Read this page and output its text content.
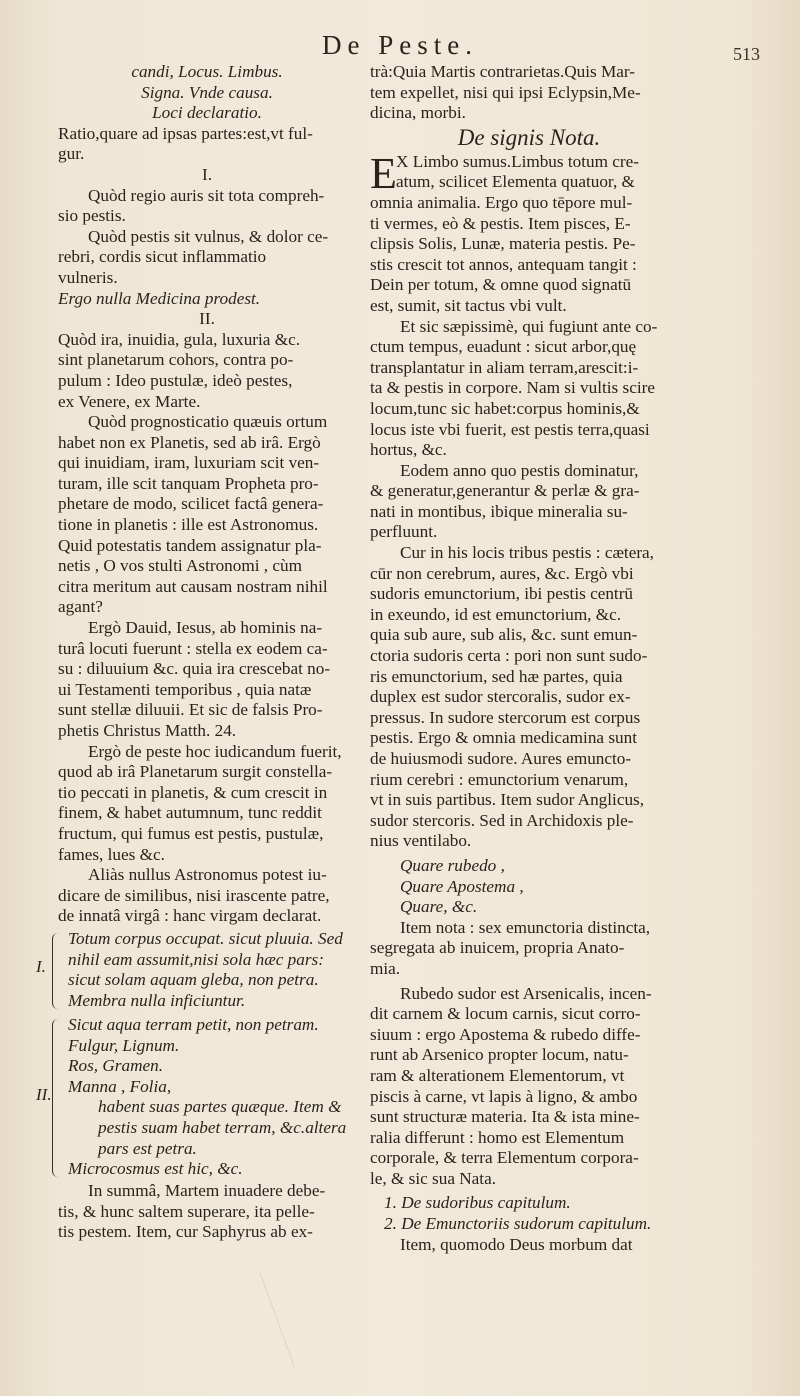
De Peste.	513
candi, Locus. Limbus.
Signa. Vnde causa.
Loci declaratio.
Ratio,quare ad ipsas partes:est,vt ful-
gur.
I.
Quòd regio auris sit tota compreh-
sio pestis.
Quòd pestis sit vulnus, & dolor ce-
rebri, cordis sicut inflammatio
vulneris.
Ergo nulla Medicina prodest.
II.
Quòd ira, inuidia, gula, luxuria &c.
sint planetarum cohors, contra po-
pulum : Ideo pustulæ, ideò pestes,
ex Venere, ex Marte.
Quòd prognosticatio quæuis ortum
habet non ex Planetis, sed ab irâ. Ergò
qui inuidiam, iram, luxuriam scit ven-
turam, ille scit tanquam Propheta pro-
phetare de modo, scilicet factâ genera-
tione in planetis : ille est Astronomus.
Quid potestatis tandem assignatur pla-
netis , O vos stulti Astronomi , cùm
citra meritum aut causam nostram nihil
agant?
Ergò Dauid, Iesus, ab hominis na-
turâ locuti fuerunt : stella ex eodem ca-
su : diluuium &c. quia ira crescebat no-
ui Testamenti temporibus , quia natæ
sunt stellæ diluuii. Et sic de falsis Pro-
phetis Christus Matth. 24.
Ergò de peste hoc iudicandum fuerit,
quod ab irâ Planetarum surgit constella-
tio peccati in planetis, & cum crescit in
finem, & habet autumnum, tunc reddit
fructum, qui fumus est pestis, pustulæ,
fames, lues &c.
Aliàs nullus Astronomus potest iu-
dicare de similibus, nisi irascente patre,
de innatâ virgâ : hanc virgam declarat.
I.
Totum corpus occupat. sicut pluuia. Sed
nihil eam assumit,nisi sola hæc pars:
sicut solam aquam gleba, non petra.
Membra nulla inficiuntur.
II.
Sicut aqua terram petit, non petram.
Fulgur, Lignum.
Ros, Gramen.
Manna , Folia,
habent suas partes quæque. Item &
pestis suam habet terram, &c.altera
pars est petra.
Microcosmus est hic, &c.
In summâ, Martem inuadere debe-
tis, & hunc saltem superare, ita pelle-
tis pestem. Item, cur Saphyrus ab ex-
trà:Quia Martis contrarietas.Quis Mar-
tem expellet, nisi qui ipsi Eclypsin,Me-
dicina, morbi.
De signis Nota.
E X Limbo sumus.Limbus totum cre-
atum, scilicet Elementa quatuor, &
omnia animalia. Ergo quo tēpore mul-
ti vermes, eò & pestis. Item pisces, E-
clipsis Solis, Lunæ, materia pestis. Pe-
stis crescit tot annos, antequam tangit :
Dein per totum, & omne quod signatū
est, sumit, sit tactus vbi vult.
Et sic sæpissimè, qui fugiunt ante co-
ctum tempus, euadunt : sicut arbor,quę
transplantatur in aliam terram,arescit:i-
ta & pestis in corpore. Nam si vultis scire
locum,tunc sic habet:corpus hominis,&
locus iste vbi fuerit, est pestis terra,quasi
hortus, &c.
Eodem anno quo pestis dominatur,
& generatur,generantur & perlæ & gra-
nati in montibus, ibique mineralia su-
perfluunt.
Cur in his locis tribus pestis : cætera,
cūr non cerebrum, aures, &c. Ergò vbi
sudoris emunctorium, ibi pestis centrū
in exeundo, id est emunctorium, &c.
quia sub aure, sub alis, &c. sunt emun-
ctoria sudoris certa : pori non sunt sudo-
ris emunctorium, sed hæ partes, quia
duplex est sudor stercoralis, sudor ex-
pressus. In sudore stercorum est corpus
pestis. Ergo & omnia medicamina sunt
de huiusmodi sudore. Aures emuncto-
rium cerebri : emunctorium venarum,
vt in suis partibus. Item sudor Anglicus,
sudor stercoris. Sed in Archidoxis ple-
nius ventilabo.
Quare rubedo ,
Quare Apostema ,
Quare, &c.
Item nota : sex emunctoria distincta,
segregata ab inuicem, propria Anato-
mia.
Rubedo sudor est Arsenicalis, incen-
dit carnem & locum carnis, sicut corro-
siuum : ergo Apostema & rubedo diffe-
runt ab Arsenico propter locum, natu-
ram & alterationem Elementorum, vt
piscis à carne, vt lapis à ligno, & ambo
sunt structuræ materia. Ita & ista mine-
ralia differunt : homo est Elementum
corporale, & terra Elementum corpora-
le, & sic sua Nata.
1. De sudoribus capitulum.
2. De Emunctoriis sudorum capitulum.
Item, quomodo Deus morbum dat
